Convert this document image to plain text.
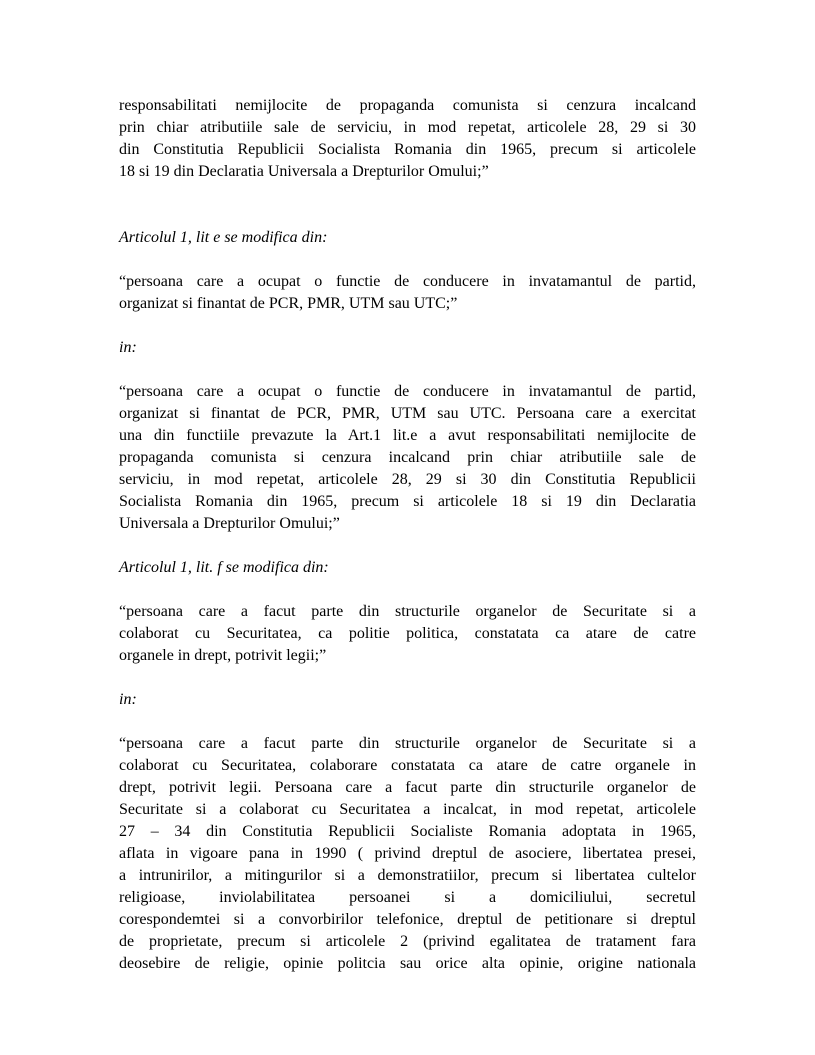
responsabilitati nemijlocite de propaganda comunista si cenzura incalcand
prin chiar atributiile sale de serviciu, in mod repetat, articolele 28, 29 si 30
din Constitutia Republicii Socialista Romania din 1965, precum si articolele
18 si 19 din Declaratia Universala a Drepturilor Omului;”
Articolul 1, lit e se modifica din:
“persoana care a ocupat o functie de conducere in invatamantul de partid,
organizat si finantat de PCR, PMR, UTM sau UTC;”
in:
“persoana care a ocupat o functie de conducere in invatamantul de partid,
organizat si finantat de PCR, PMR, UTM sau UTC. Persoana care a exercitat
una din functiile prevazute la Art.1 lit.e a avut responsabilitati nemijlocite de
propaganda comunista si cenzura incalcand prin chiar atributiile sale de
serviciu, in mod repetat, articolele 28, 29 si 30 din Constitutia Republicii
Socialista Romania din 1965, precum si articolele 18 si 19 din Declaratia
Universala a Drepturilor Omului;”
Articolul 1, lit. f se modifica din:
“persoana care a facut parte din structurile organelor de Securitate si a
colaborat cu Securitatea, ca politie politica, constatata ca atare de catre
organele in drept, potrivit legii;”
in:
“persoana care a facut parte din structurile organelor de Securitate si a
colaborat cu Securitatea, colaborare constatata ca atare de catre organele in
drept, potrivit legii. Persoana care a facut parte din structurile organelor de
Securitate si a colaborat cu Securitatea a incalcat, in mod repetat, articolele
27 – 34 din Constitutia Republicii Socialiste Romania adoptata in 1965,
aflata in vigoare pana in 1990 ( privind dreptul de asociere, libertatea presei,
a intrunirilor, a mitingurilor si a demonstratiilor, precum si libertatea cultelor
religioase, inviolabilitatea persoanei si a domiciliului, secretul
corespondemtei si a convorbirilor telefonice, dreptul de petitionare si dreptul
de proprietate, precum si articolele 2 (privind egalitatea de tratament fara
deosebire de religie, opinie politcia sau orice alta opinie, origine nationala
